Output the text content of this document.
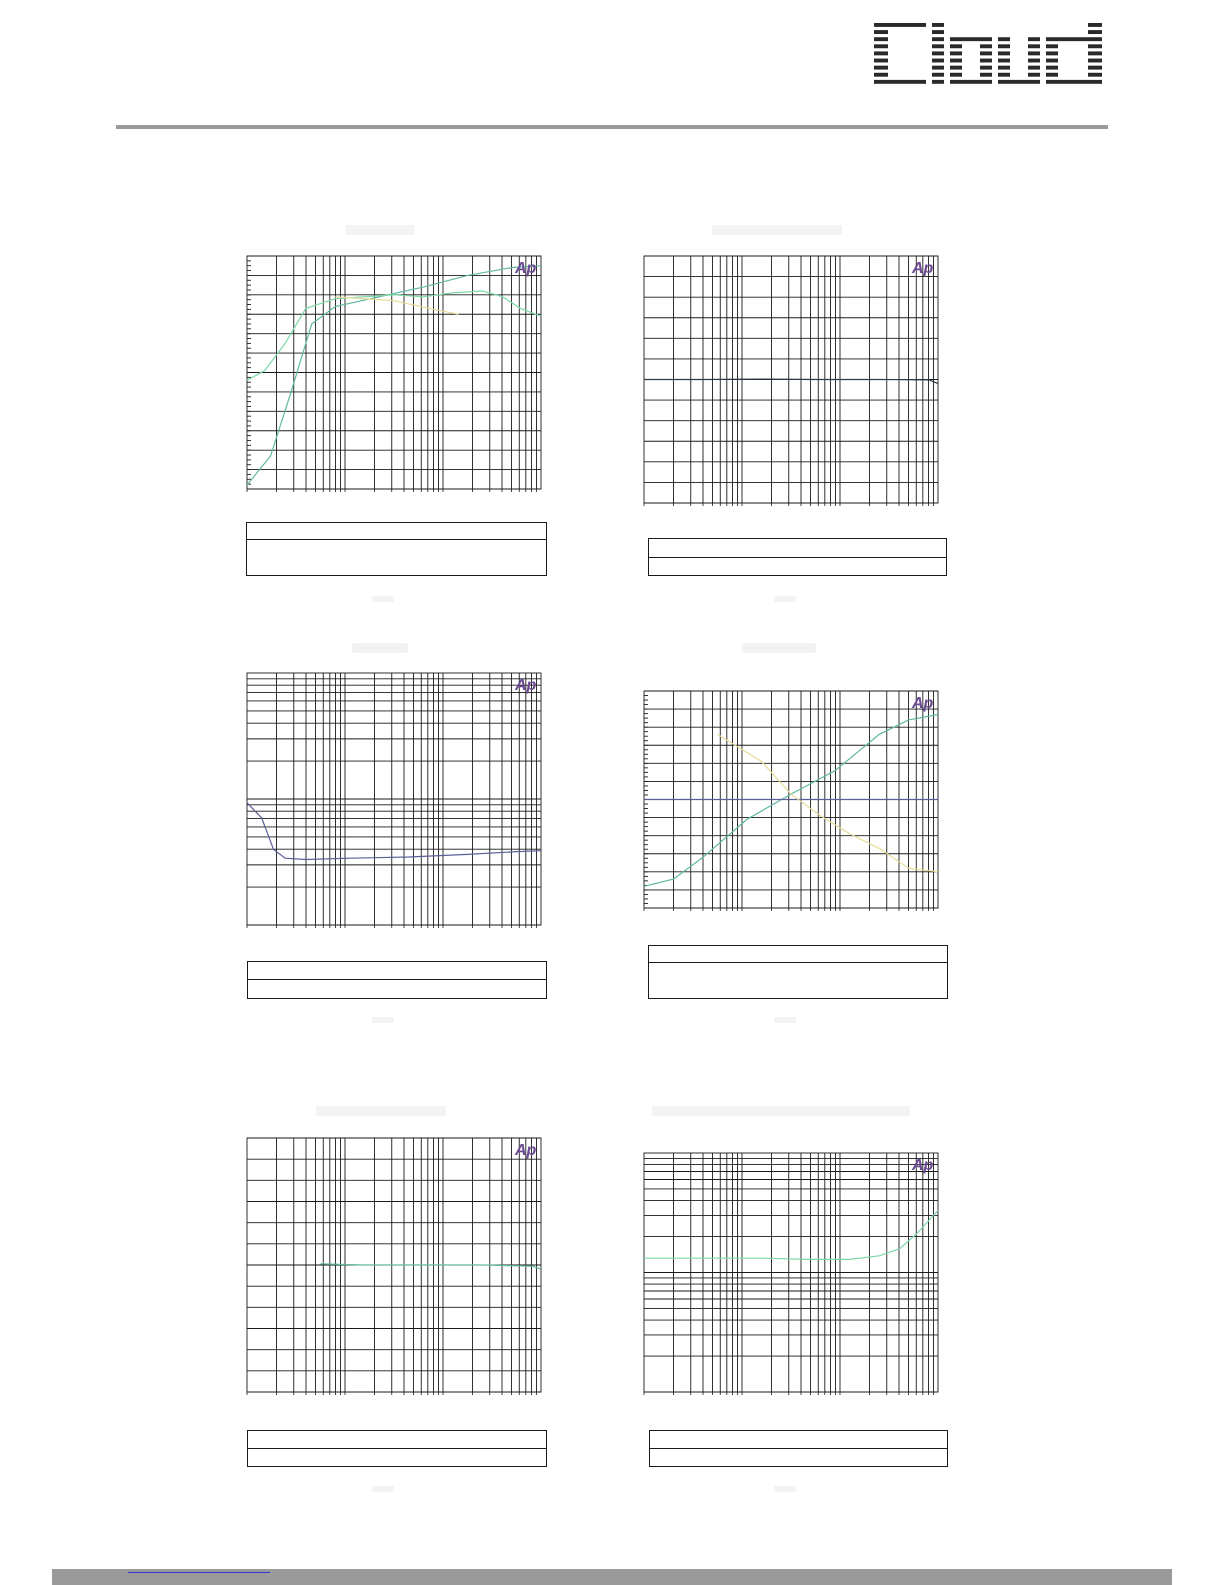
Ap	Ap
Ap
Ap
Ap
Ap
